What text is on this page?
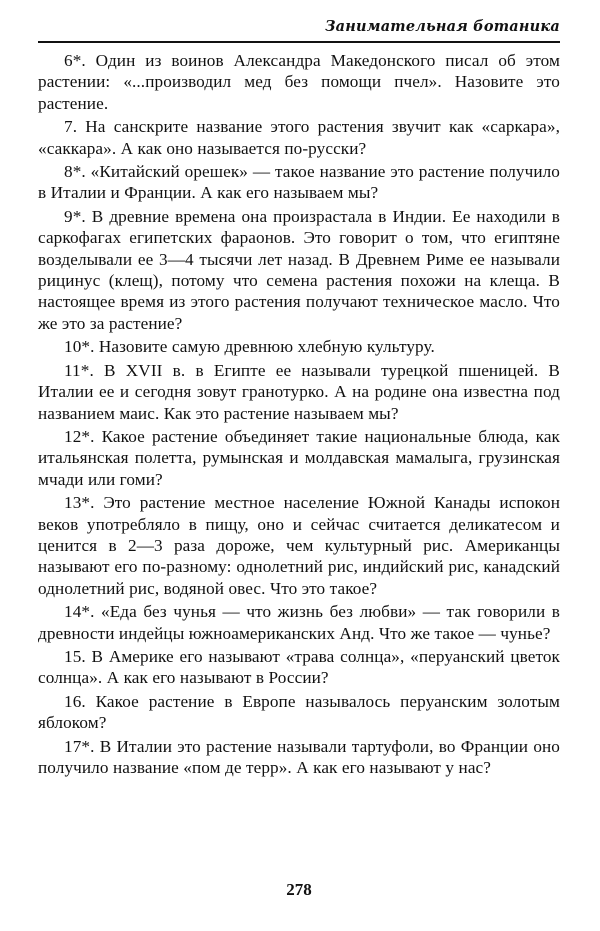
Занимательная ботаника

6*. Один из воинов Александра Македонского писал об этом растении: «...производил мед без помощи пчел». Назовите это растение.

7. На санскрите название этого растения звучит как «саркара», «саккара». А как оно называется по-русски?

8*. «Китайский орешек» — такое название это растение получило в Италии и Франции. А как его называем мы?

9*. В древние времена она произрастала в Индии. Ее находили в саркофагах египетских фараонов. Это говорит о том, что египтяне возделывали ее 3—4 тысячи лет назад. В Древнем Риме ее называли рицинус (клещ), потому что семена растения похожи на клеща. В настоящее время из этого растения получают техническое масло. Что же это за растение?

10*. Назовите самую древнюю хлебную культуру.

11*. В XVII в. в Египте ее называли турецкой пшеницей. В Италии ее и сегодня зовут гранотурко. А на родине она известна под названием маис. Как это растение называем мы?

12*. Какое растение объединяет такие национальные блюда, как итальянская полетта, румынская и молдавская мамалыга, грузинская мчади или гоми?

13*. Это растение местное население Южной Канады испокон веков употребляло в пищу, оно и сейчас считается деликатесом и ценится в 2—3 раза дороже, чем культурный рис. Американцы называют его по-разному: однолетний рис, индийский рис, канадский однолетний рис, водяной овес. Что это такое?

14*. «Еда без чунья — что жизнь без любви» — так говорили в древности индейцы южноамериканских Анд. Что же такое — чунье?

15. В Америке его называют «трава солнца», «перуанский цветок солнца». А как его называют в России?

16. Какое растение в Европе называлось перуанским золотым яблоком?

17*. В Италии это растение называли тартуфоли, во Франции оно получило название «пом де терр». А как его называют у нас?

278
